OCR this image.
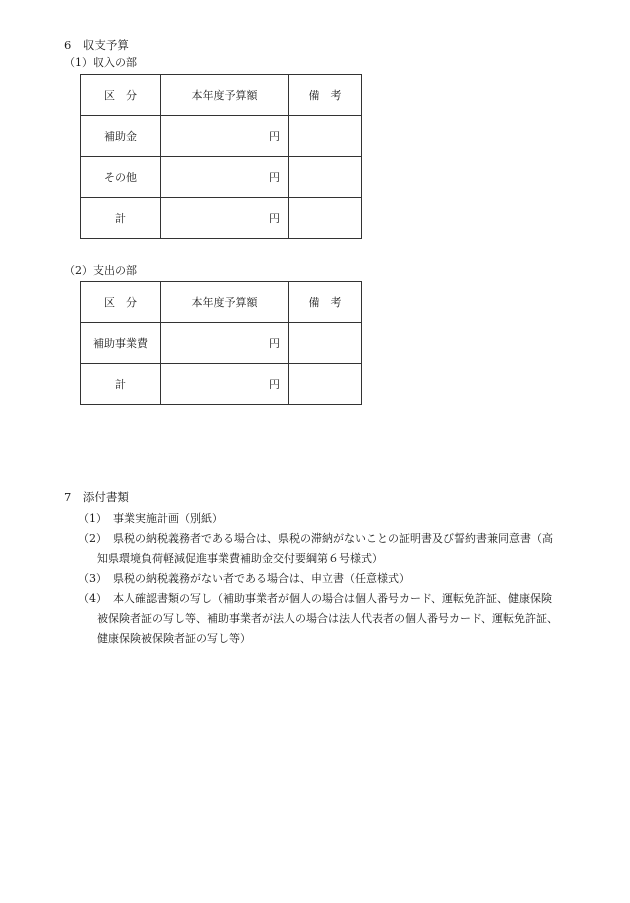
6　収支予算
（1）収入の部
区　分	本年度予算額	備　考
補助金	円	
その他	円	
計	円	
（2）支出の部
区　分	本年度予算額	備　考
補助事業費	円	
計	円	
7　添付書類
（1） 事業実施計画（別紙）
（2） 県税の納税義務者である場合は、県税の滞納がないことの証明書及び誓約書兼同意書（高
知県環境負荷軽減促進事業費補助金交付要綱第６号様式）
（3） 県税の納税義務がない者である場合は、申立書（任意様式）
（4） 本人確認書類の写し（補助事業者が個人の場合は個人番号カード、運転免許証、健康保険
被保険者証の写し等、補助事業者が法人の場合は法人代表者の個人番号カード、運転免許証、
健康保険被保険者証の写し等）
